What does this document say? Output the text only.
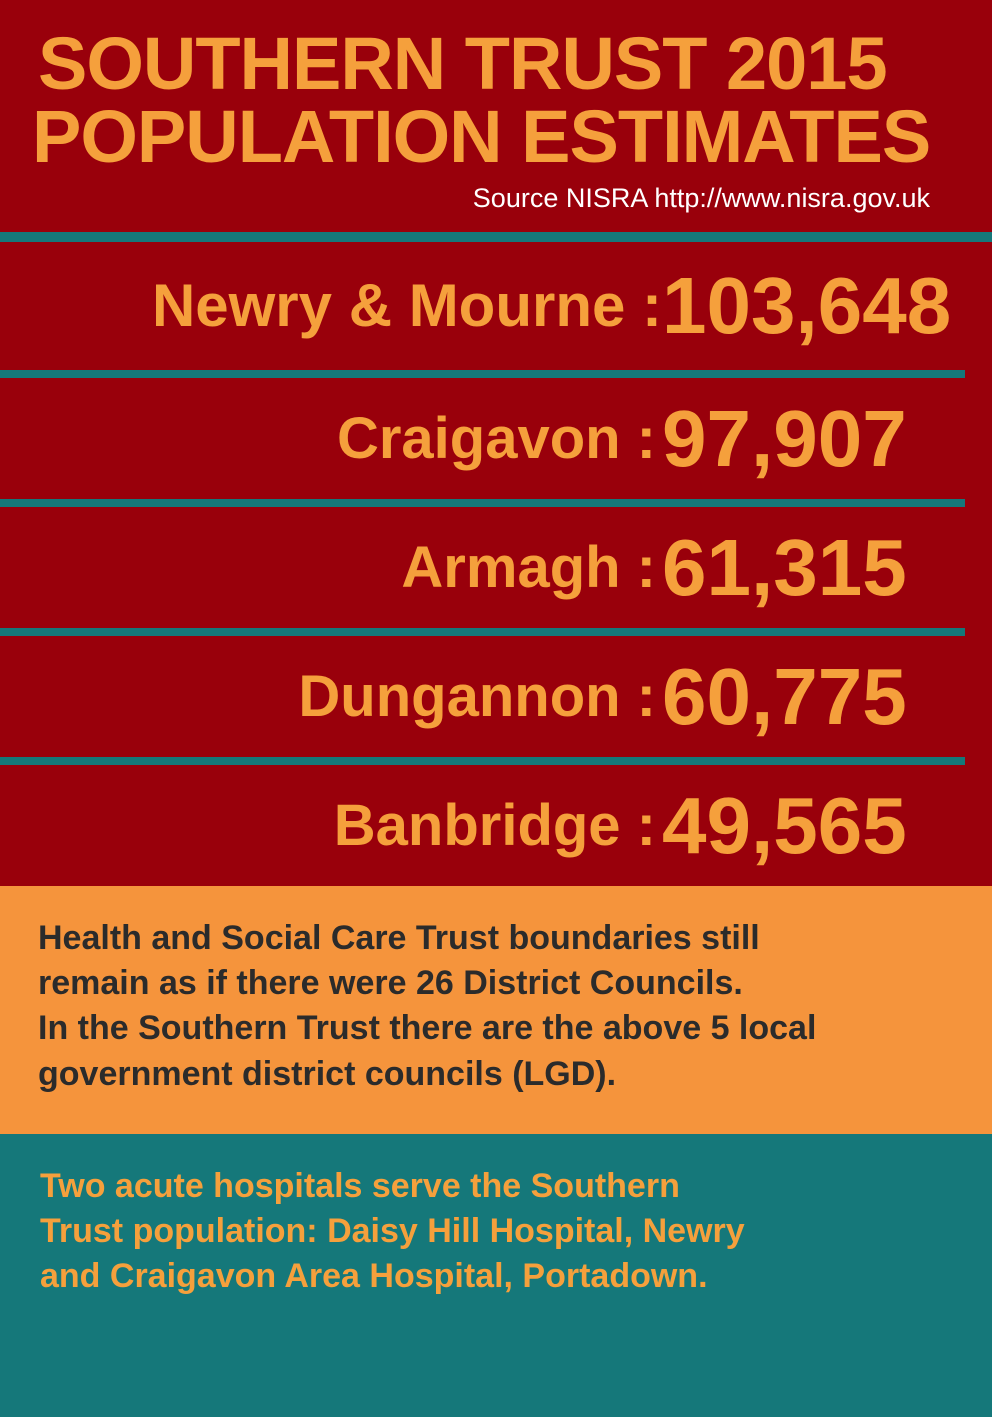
SOUTHERN TRUST 2015
POPULATION ESTIMATES
Source NISRA http://www.nisra.gov.uk
Newry & Mourne : 103,648
Craigavon : 97,907
Armagh : 61,315
Dungannon : 60,775
Banbridge : 49,565

Health and Social Care Trust boundaries still

remain as if there were 26 District Councils.

In the Southern Trust there are the above 5 local

government district councils (LGD).

Two acute hospitals serve the Southern

Trust population: Daisy Hill Hospital, Newry

and Craigavon Area Hospital, Portadown.
